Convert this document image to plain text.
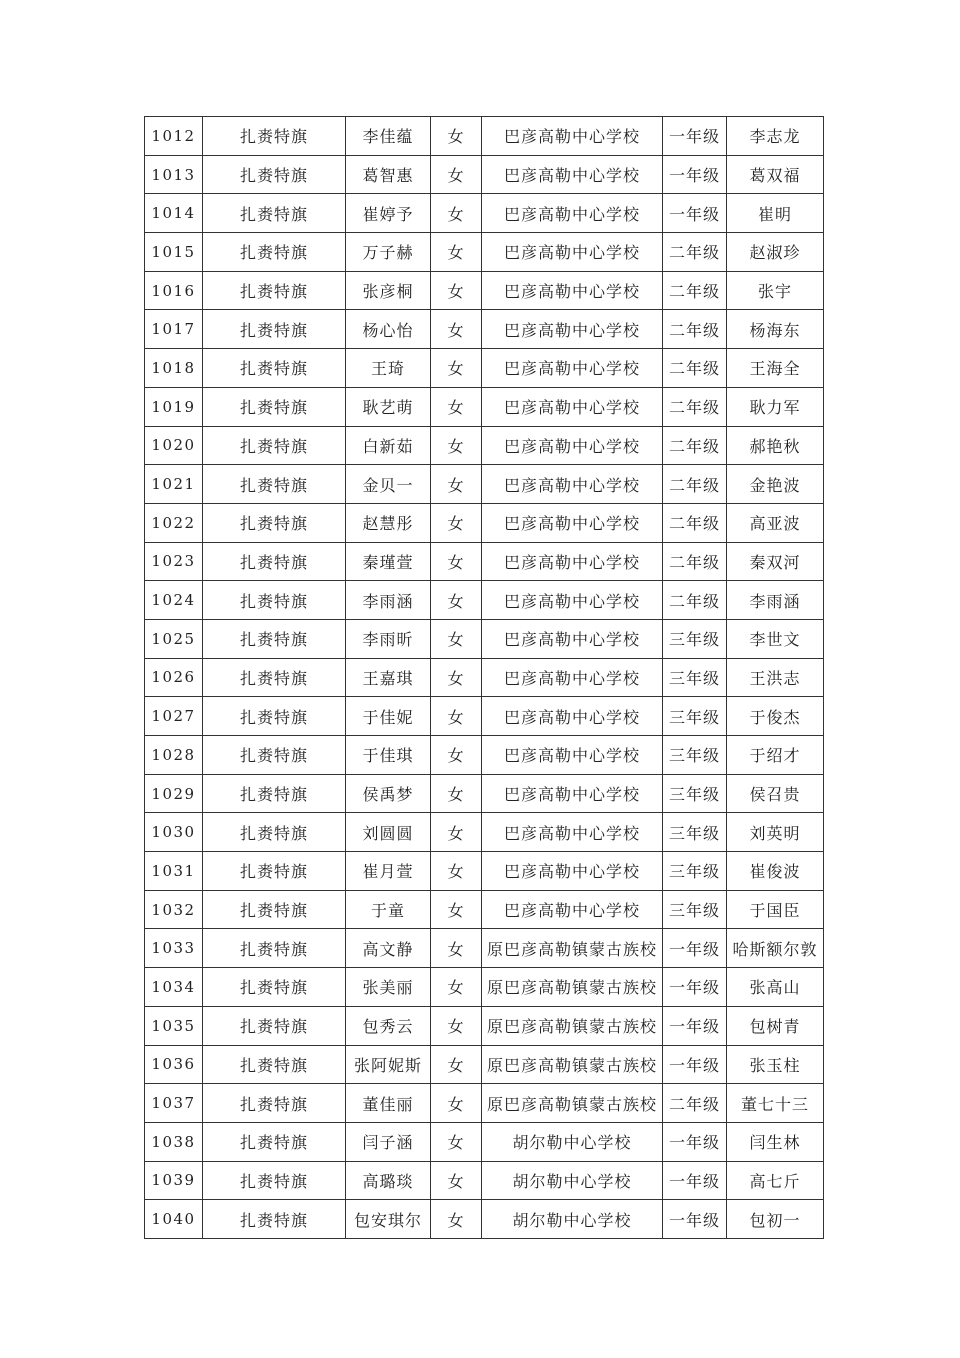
1012	扎赉特旗	李佳蕴	女	巴彦高勒中心学校	一年级	李志龙
1013	扎赉特旗	葛智惠	女	巴彦高勒中心学校	一年级	葛双福
1014	扎赉特旗	崔婷予	女	巴彦高勒中心学校	一年级	崔明
1015	扎赉特旗	万子赫	女	巴彦高勒中心学校	二年级	赵淑珍
1016	扎赉特旗	张彦桐	女	巴彦高勒中心学校	二年级	张宇
1017	扎赉特旗	杨心怡	女	巴彦高勒中心学校	二年级	杨海东
1018	扎赉特旗	王琦	女	巴彦高勒中心学校	二年级	王海全
1019	扎赉特旗	耿艺萌	女	巴彦高勒中心学校	二年级	耿力军
1020	扎赉特旗	白新茹	女	巴彦高勒中心学校	二年级	郝艳秋
1021	扎赉特旗	金贝一	女	巴彦高勒中心学校	二年级	金艳波
1022	扎赉特旗	赵慧彤	女	巴彦高勒中心学校	二年级	高亚波
1023	扎赉特旗	秦瑾萱	女	巴彦高勒中心学校	二年级	秦双河
1024	扎赉特旗	李雨涵	女	巴彦高勒中心学校	二年级	李雨涵
1025	扎赉特旗	李雨昕	女	巴彦高勒中心学校	三年级	李世文
1026	扎赉特旗	王嘉琪	女	巴彦高勒中心学校	三年级	王洪志
1027	扎赉特旗	于佳妮	女	巴彦高勒中心学校	三年级	于俊杰
1028	扎赉特旗	于佳琪	女	巴彦高勒中心学校	三年级	于绍才
1029	扎赉特旗	侯禹梦	女	巴彦高勒中心学校	三年级	侯召贵
1030	扎赉特旗	刘圆圆	女	巴彦高勒中心学校	三年级	刘英明
1031	扎赉特旗	崔月萱	女	巴彦高勒中心学校	三年级	崔俊波
1032	扎赉特旗	于童	女	巴彦高勒中心学校	三年级	于国臣
1033	扎赉特旗	高文静	女	原巴彦高勒镇蒙古族校	一年级	哈斯额尔敦
1034	扎赉特旗	张美丽	女	原巴彦高勒镇蒙古族校	一年级	张高山
1035	扎赉特旗	包秀云	女	原巴彦高勒镇蒙古族校	一年级	包树青
1036	扎赉特旗	张阿妮斯	女	原巴彦高勒镇蒙古族校	一年级	张玉柱
1037	扎赉特旗	董佳丽	女	原巴彦高勒镇蒙古族校	二年级	董七十三
1038	扎赉特旗	闫子涵	女	胡尔勒中心学校	一年级	闫生林
1039	扎赉特旗	高璐琰	女	胡尔勒中心学校	一年级	高七斤
1040	扎赉特旗	包安琪尔	女	胡尔勒中心学校	一年级	包初一
